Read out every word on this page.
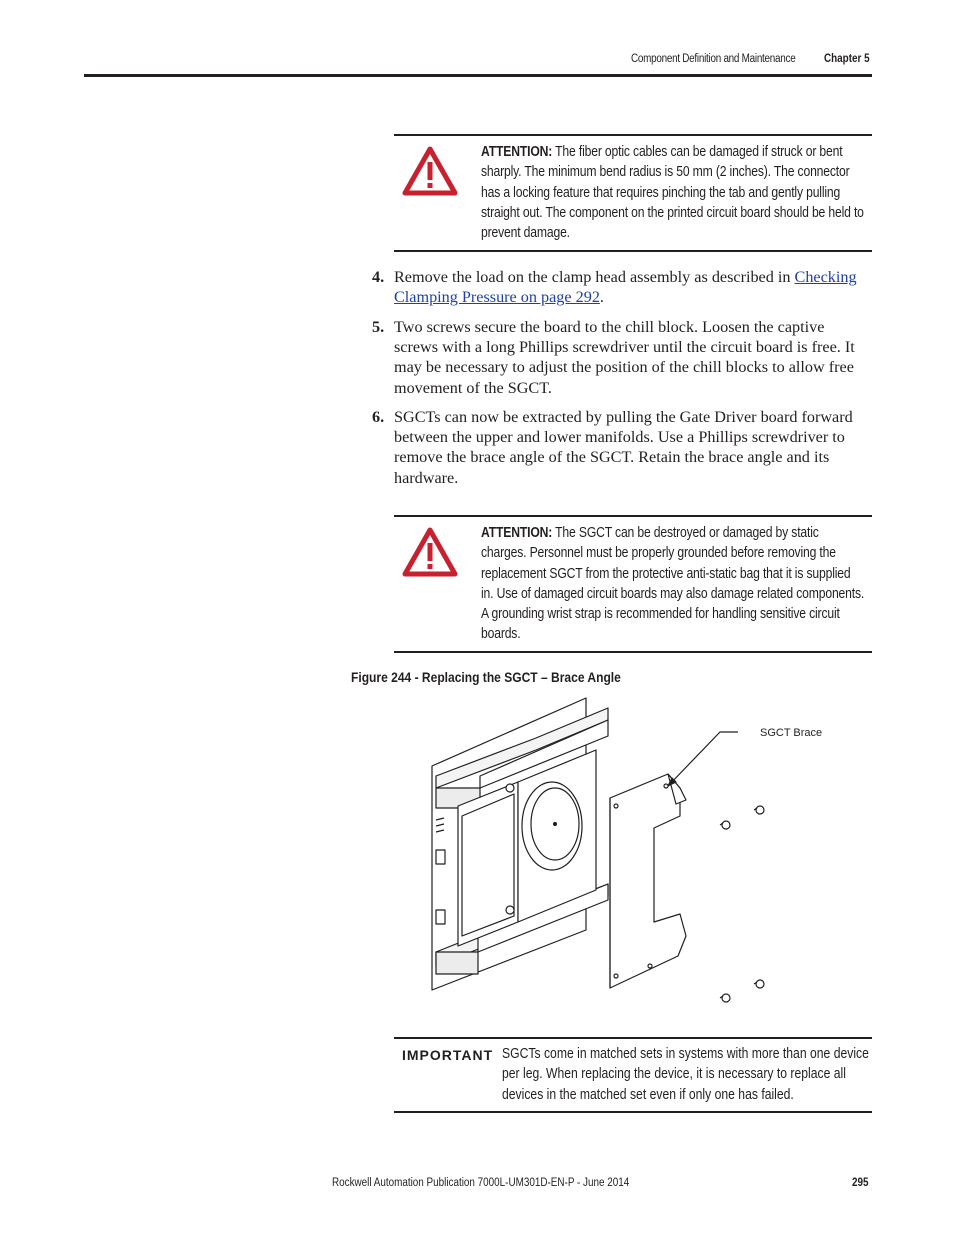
Component Definition and Maintenance Chapter 5
ATTENTION: The fiber optic cables can be damaged if struck or bent sharply. The minimum bend radius is 50 mm (2 inches). The connector has a locking feature that requires pinching the tab and gently pulling straight out. The component on the printed circuit board should be held to prevent damage.
4. Remove the load on the clamp head assembly as described in Checking Clamping Pressure on page 292.
5. Two screws secure the board to the chill block. Loosen the captive screws with a long Phillips screwdriver until the circuit board is free. It may be necessary to adjust the position of the chill blocks to allow free movement of the SGCT.
6. SGCTs can now be extracted by pulling the Gate Driver board forward between the upper and lower manifolds. Use a Phillips screwdriver to remove the brace angle of the SGCT. Retain the brace angle and its hardware.
ATTENTION: The SGCT can be destroyed or damaged by static charges. Personnel must be properly grounded before removing the replacement SGCT from the protective anti-static bag that it is supplied in. Use of damaged circuit boards may also damage related components. A grounding wrist strap is recommended for handling sensitive circuit boards.
Figure 244 - Replacing the SGCT – Brace Angle
SGCT Brace
IMPORTANT SGCTs come in matched sets in systems with more than one device per leg. When replacing the device, it is necessary to replace all devices in the matched set even if only one has failed.
Rockwell Automation Publication 7000L-UM301D-EN-P - June 2014	295
